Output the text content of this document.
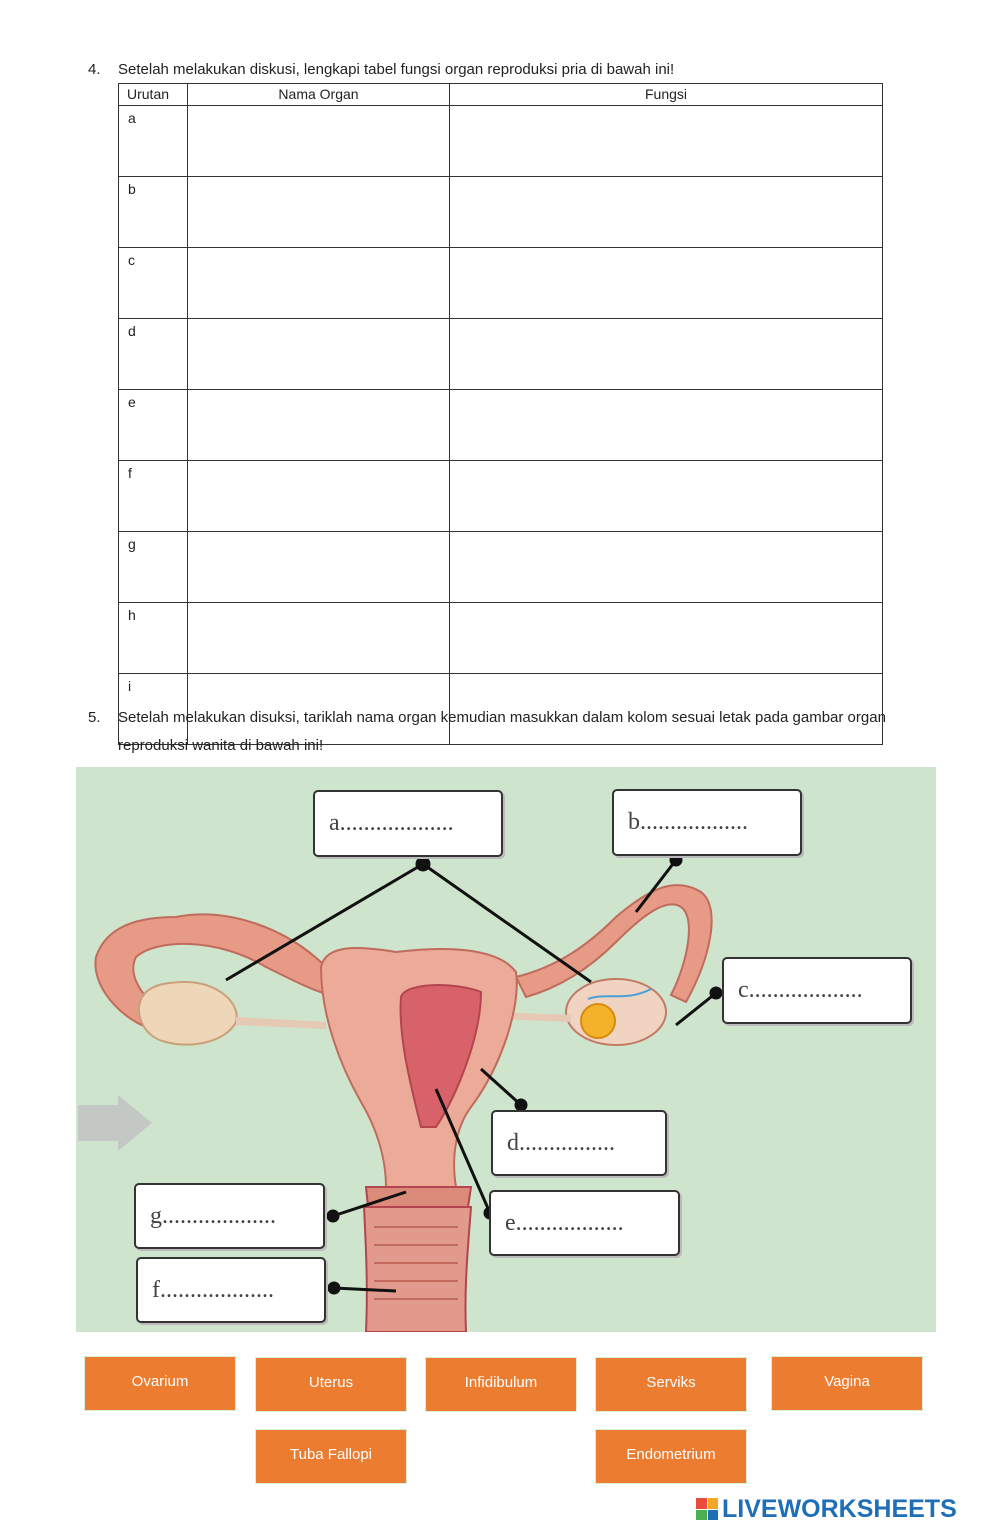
4. Setelah melakukan diskusi, lengkapi tabel fungsi organ reproduksi pria di bawah ini!
Urutan	Nama Organ	Fungsi
a		
b		
c		
d		
e		
f		
g		
h		
i		
5. Setelah melakukan disuksi, tariklah nama organ kemudian masukkan dalam kolom sesuai letak pada gambar organ reproduksi wanita di bawah ini!
a...................	b..................
c...................
d................
e..................
g...................
f...................
Ovarium	Uterus	Infidibulum	Serviks	Vagina
Tuba Fallopi	Endometrium
LIVEWORKSHEETS
